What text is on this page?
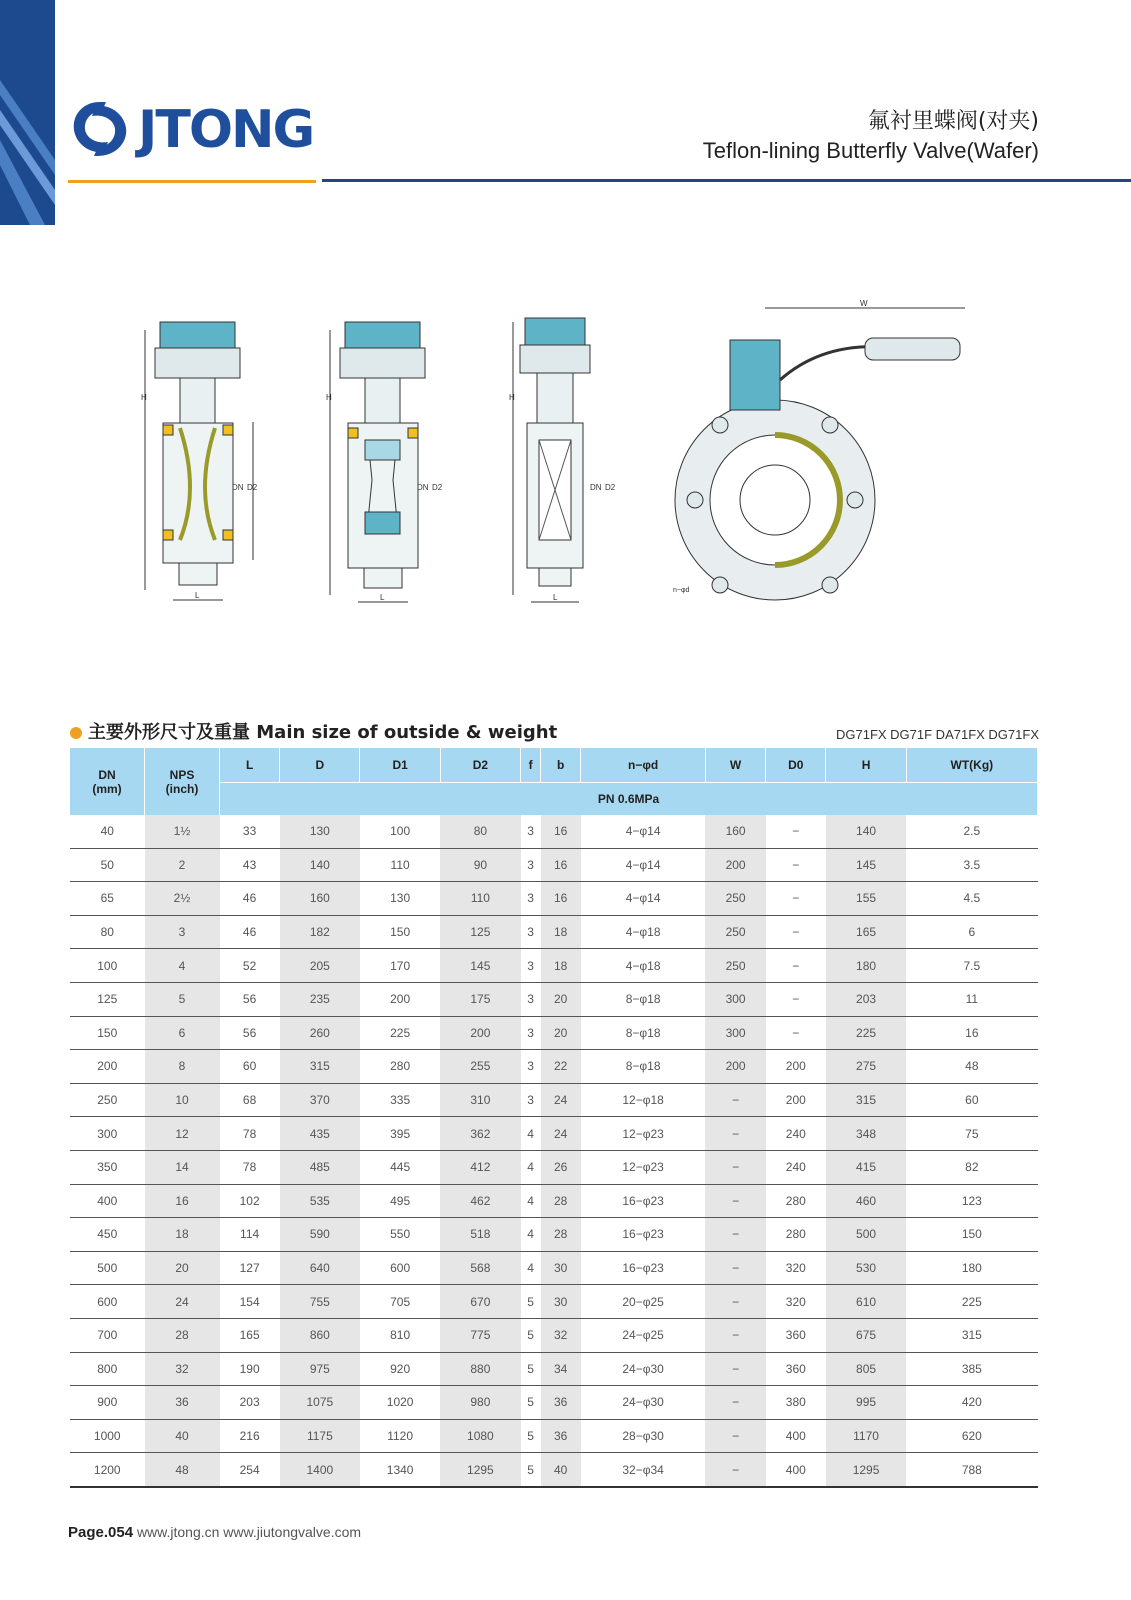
JTONG	氟衬里蝶阀(对夹)
Teflon-lining Butterfly Valve(Wafer)
H
L
DN D2
H
L
DN D2
H
L
DN D2
W
n−φd
主要外形尺寸及重量 Main size of outside & weight	DG71FX DG71F DA71FX DG71FX
DN
(mm)	NPS
(inch)	L	D	D1	D2	f	b	n−φd	W	D0	H	WT(Kg)
		PN 0.6MPa										
40	1½	33	130	100	80	3	16	4−φ14	160	−	140	2.5
50	2	43	140	110	90	3	16	4−φ14	200	−	145	3.5
65	2½	46	160	130	110	3	16	4−φ14	250	−	155	4.5
80	3	46	182	150	125	3	18	4−φ18	250	−	165	6
100	4	52	205	170	145	3	18	4−φ18	250	−	180	7.5
125	5	56	235	200	175	3	20	8−φ18	300	−	203	11
150	6	56	260	225	200	3	20	8−φ18	300	−	225	16
200	8	60	315	280	255	3	22	8−φ18	200	200	275	48
250	10	68	370	335	310	3	24	12−φ18	−	200	315	60
300	12	78	435	395	362	4	24	12−φ23	−	240	348	75
350	14	78	485	445	412	4	26	12−φ23	−	240	415	82
400	16	102	535	495	462	4	28	16−φ23	−	280	460	123
450	18	114	590	550	518	4	28	16−φ23	−	280	500	150
500	20	127	640	600	568	4	30	16−φ23	−	320	530	180
600	24	154	755	705	670	5	30	20−φ25	−	320	610	225
700	28	165	860	810	775	5	32	24−φ25	−	360	675	315
800	32	190	975	920	880	5	34	24−φ30	−	360	805	385
900	36	203	1075	1020	980	5	36	24−φ30	−	380	995	420
1000	40	216	1175	1120	1080	5	36	28−φ30	−	400	1170	620
1200	48	254	1400	1340	1295	5	40	32−φ34	−	400	1295	788
Page.054 www.jtong.cn www.jiutongvalve.com
